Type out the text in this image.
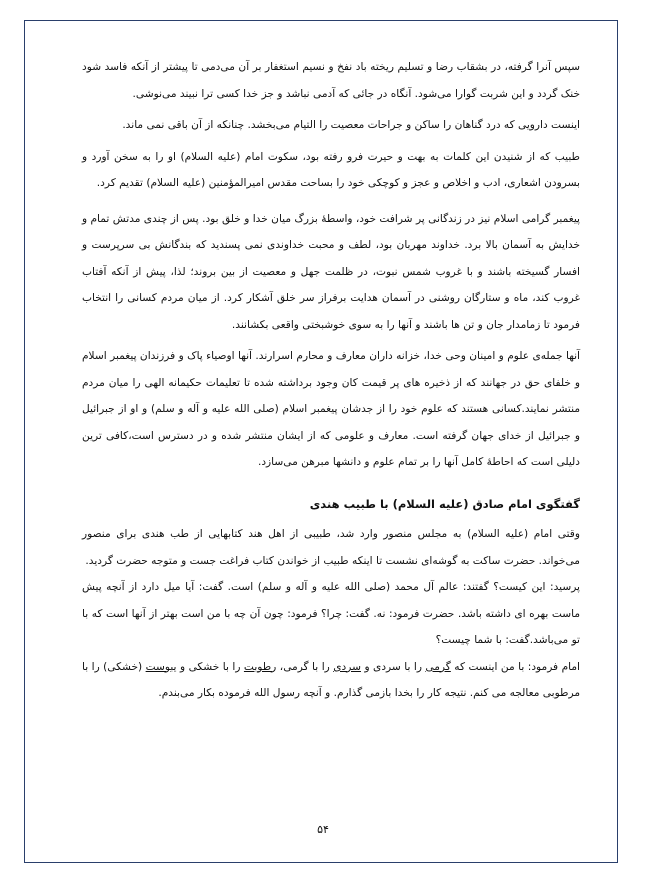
سپس آنرا گرفته، در بشقاب رضا و تسلیم ریخته باد نفخ و نسیم استغفار بر آن می‌دمی تا پیشتر از آنکه فاسد شود خنک گردد و این شربت گوارا می‌شود. آنگاه در جائی که آدمی نباشد و جز خدا کسی ترا نبیند می‌نوشی.

اینست دارویی که درد گناهان را ساکن و جراحات معصیت را التیام می‌بخشد. چنانکه از آن باقی نمی ماند.

طبیب که از شنیدن این کلمات به بهت و حیرت فرو رفته بود، سکوت امام (علیه السلام) او را به سخن آورد و بسرودن اشعاری، ادب و اخلاص و عجز و کوچکی خود را بساحت مقدس امیرالمؤمنین (علیه السلام) تقدیم کرد.

پیغمبر گرامی اسلام نیز در زندگانی پر شرافت خود، واسطهٔ بزرگ میان خدا و خلق بود. پس از چندی مدتش تمام و خدایش به آسمان بالا برد. خداوند مهربان بود، لطف و محبت خداوندی نمی پسندید که بندگانش بی سرپرست و افسار گسیخته باشند و با غروب شمس نبوت، در ظلمت جهل و معصیت از بین بروند؛ لذا، پیش از آنکه آفتاب غروب کند، ماه و ستارگان روشنی در آسمان هدایت برفراز سر خلق آشکار کرد. از میان مردم کسانی را انتخاب فرمود تا زمامدار جان و تن ها باشند و آنها را به سوی خوشبختی واقعی بکشانند.

آنها جمله‌ی علوم و امینان وحی خدا، خزانه داران معارف و محارم اسرارند. آنها اوصیاء پاک و فرزندان پیغمبر اسلام و خلفای حق در جهانند که از ذخیره های پر قیمت کان وجود برداشته شده تا تعلیمات حکیمانه الهی را میان مردم منتشر نمایند.کسانی هستند که علوم خود را از جدشان پیغمبر اسلام (صلی الله علیه و آله و سلم) و او از جبرائیل و جبرائیل از خدای جهان گرفته است. معارف و علومی که از ایشان منتشر شده و در دسترس است،کافی ترین دلیلی است که احاطهٔ کامل آنها را بر تمام علوم و دانشها مبرهن می‌سازد.

گفتگوی امام صادق (علیه السلام) با طبیب هندی

وقتی امام (علیه السلام) به مجلس منصور وارد شد، طبیبی از اهل هند کتابهایی از طب هندی برای منصور می‌خواند. حضرت ساکت به گوشه‌ای نشست تا اینکه طبیب از خواندن کتاب فراغت جست و متوجه حضرت گردید.

پرسید: این کیست؟ گفتند: عالم آل محمد (صلی الله علیه و آله و سلم) است. گفت: آیا میل دارد از آنچه پیش ماست بهره ای داشته باشد. حضرت فرمود: نه. گفت: چرا؟ فرمود: چون آن چه با من است بهتر از آنها است که با تو می‌باشد.گفت: با شما چیست؟

امام فرمود: با من اینست که گرمی را با سردی و سردی را با گرمی، رطوبت را با خشکی و یبوست (خشکی) را با مرطوبی معالجه می کنم. نتیجه کار را بخدا بازمی گذارم. و آنچه رسول الله فرموده بکار می‌بندم.

۵۴
